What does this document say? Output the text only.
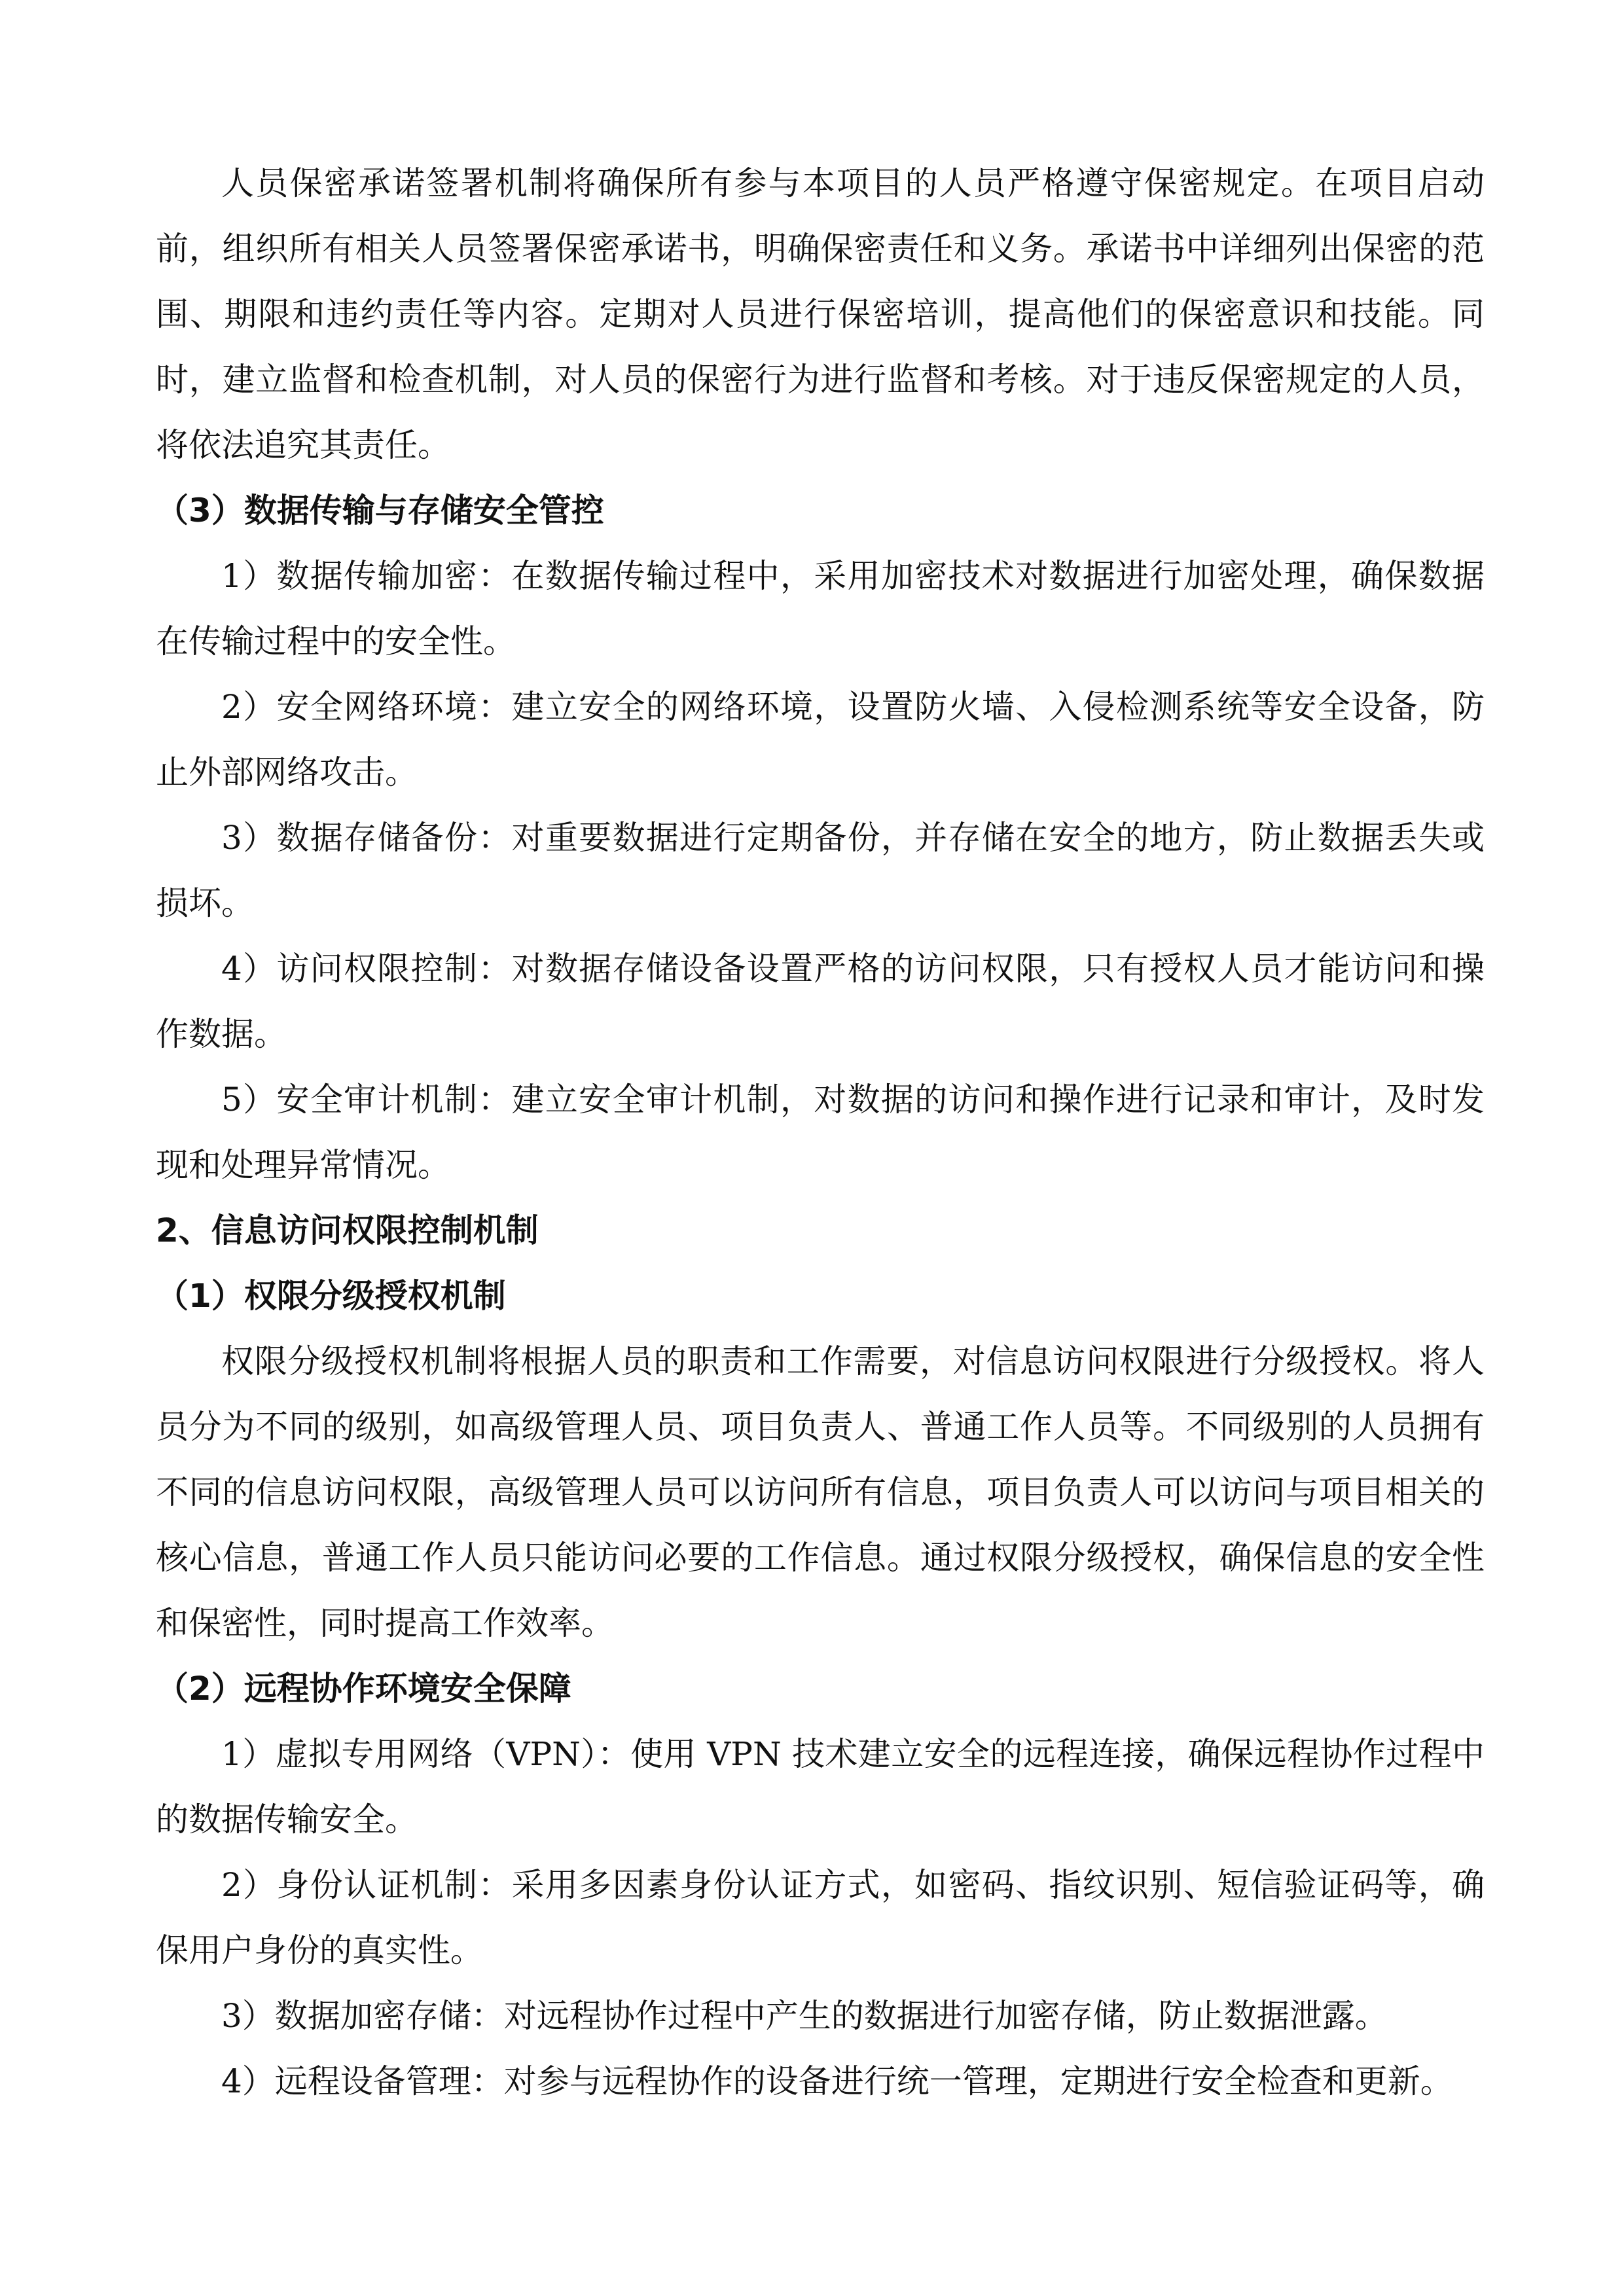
人员保密承诺签署机制将确保所有参与本项目的人员严格遵守保密规定。在项目启动前，组织所有相关人员签署保密承诺书，明确保密责任和义务。承诺书中详细列出保密的范围、期限和违约责任等内容。定期对人员进行保密培训，提高他们的保密意识和技能。同时，建立监督和检查机制，对人员的保密行为进行监督和考核。对于违反保密规定的人员，将依法追究其责任。

（3）数据传输与存储安全管控

1）数据传输加密：在数据传输过程中，采用加密技术对数据进行加密处理，确保数据在传输过程中的安全性。

2）安全网络环境：建立安全的网络环境，设置防火墙、入侵检测系统等安全设备，防止外部网络攻击。

3）数据存储备份：对重要数据进行定期备份，并存储在安全的地方，防止数据丢失或损坏。

4）访问权限控制：对数据存储设备设置严格的访问权限，只有授权人员才能访问和操作数据。

5）安全审计机制：建立安全审计机制，对数据的访问和操作进行记录和审计，及时发现和处理异常情况。

2、信息访问权限控制机制

（1）权限分级授权机制

权限分级授权机制将根据人员的职责和工作需要，对信息访问权限进行分级授权。将人员分为不同的级别，如高级管理人员、项目负责人、普通工作人员等。不同级别的人员拥有不同的信息访问权限，高级管理人员可以访问所有信息，项目负责人可以访问与项目相关的核心信息，普通工作人员只能访问必要的工作信息。通过权限分级授权，确保信息的安全性和保密性，同时提高工作效率。

（2）远程协作环境安全保障

1）虚拟专用网络（VPN）：使用 VPN 技术建立安全的远程连接，确保远程协作过程中的数据传输安全。

2）身份认证机制：采用多因素身份认证方式，如密码、指纹识别、短信验证码等，确保用户身份的真实性。

3）数据加密存储：对远程协作过程中产生的数据进行加密存储，防止数据泄露。

4）远程设备管理：对参与远程协作的设备进行统一管理，定期进行安全检查和更新。
